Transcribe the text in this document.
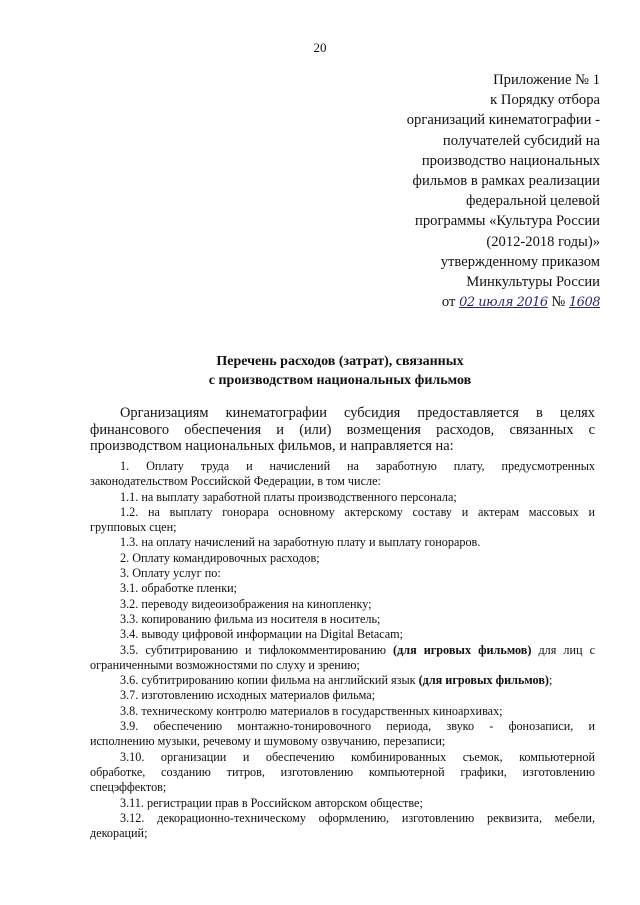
20
Приложение № 1
к Порядку отбора
организаций кинематографии -
получателей субсидий на
производство национальных
фильмов в рамках реализации
федеральной целевой
программы «Культура России
(2012-2018 годы)»
утвержденному приказом
Минкультуры России
от 02 июля 2016 № 1608
Перечень расходов (затрат), связанных
с производством национальных фильмов
Организациям кинематографии субсидия предоставляется в целях
финансового обеспечения и (или) возмещения расходов, связанных с
производством национальных фильмов, и направляется на:
1. Оплату труда и начислений на заработную плату, предусмотренных
законодательством Российской Федерации, в том числе:
1.1. на выплату заработной платы производственного персонала;
1.2. на выплату гонорара основному актерскому составу и актерам массовых и
групповых сцен;
1.3. на оплату начислений на заработную плату и выплату гонораров.
2. Оплату командировочных расходов;
3. Оплату услуг по:
3.1. обработке пленки;
3.2. переводу видеоизображения на кинопленку;
3.3. копированию фильма из носителя в носитель;
3.4. выводу цифровой информации на Digital Betacam;
3.5. субтитрированию и тифлокомментированию (для игровых фильмов) для лиц с
ограниченными возможностями по слуху и зрению;
3.6. субтитрированию копии фильма на английский язык (для игровых фильмов);
3.7. изготовлению исходных материалов фильма;
3.8. техническому контролю материалов в государственных киноархивах;
3.9. обеспечению монтажно-тонировочного периода, звуко - фонозаписи, и
исполнению музыки, речевому и шумовому озвучанию, перезаписи;
3.10. организации и обеспечению комбинированных съемок, компьютерной
обработке, созданию титров, изготовлению компьютерной графики, изготовлению
спецэффектов;
3.11. регистрации прав в Российском авторском обществе;
3.12. декорационно-техническому оформлению, изготовлению реквизита, мебели,
декораций;
